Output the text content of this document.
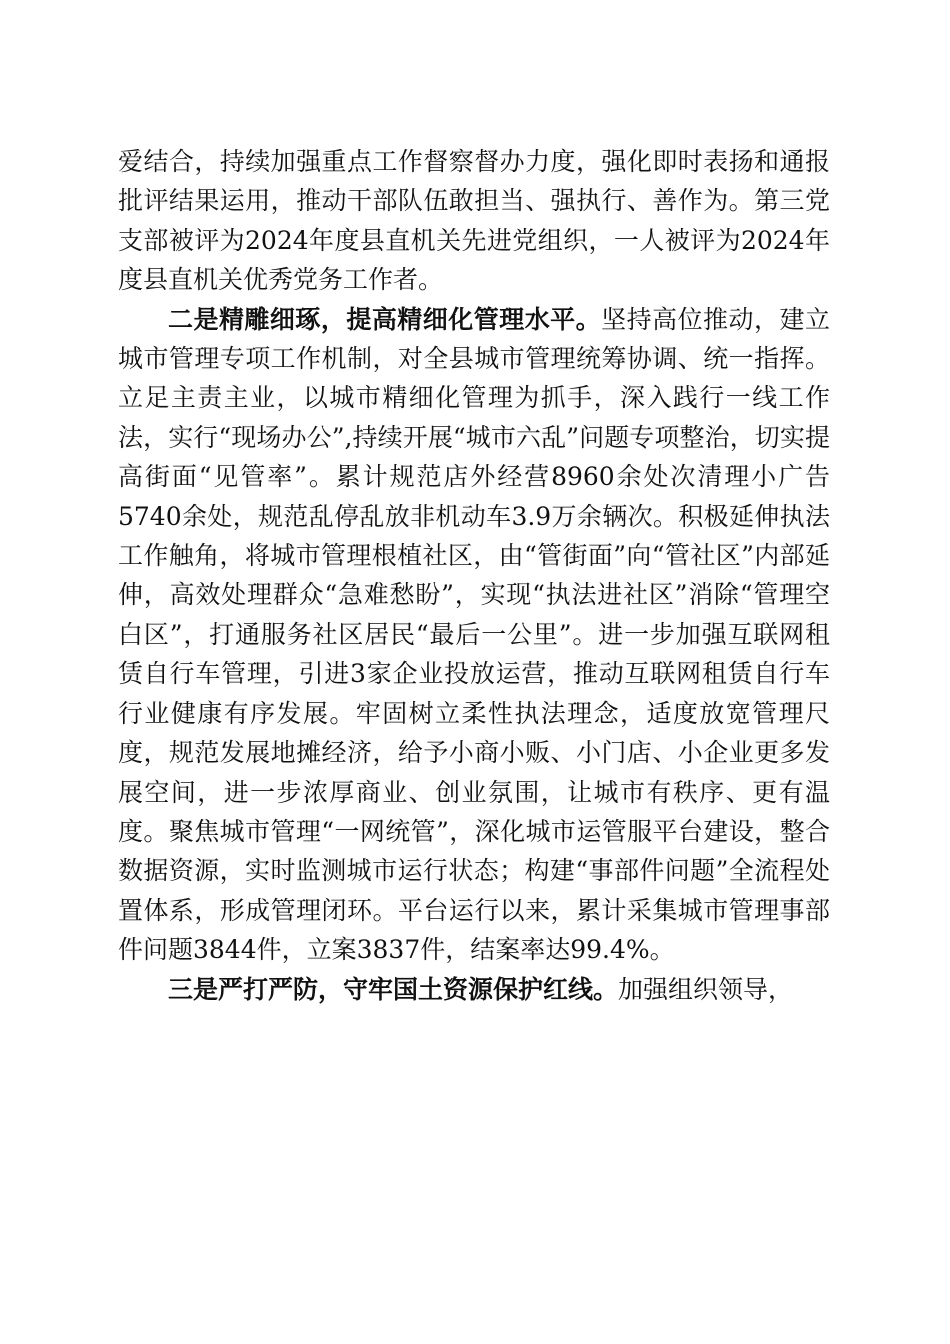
爱结合，持续加强重点工作督察督办力度，强化即时表扬和通报批评结果运用，推动干部队伍敢担当、强执行、善作为。第三党支部被评为2024年度县直机关先进党组织，一人被评为2024年度县直机关优秀党务工作者。

二是精雕细琢，提高精细化管理水平。坚持高位推动，建立城市管理专项工作机制，对全县城市管理统筹协调、统一指挥。立足主责主业，以城市精细化管理为抓手，深入践行一线工作法，实行“现场办公”,持续开展“城市六乱”问题专项整治，切实提高街面“见管率”。累计规范店外经营8960余处次清理小广告5740余处，规范乱停乱放非机动车3.9万余辆次。积极延伸执法工作触角，将城市管理根植社区，由“管街面”向“管社区”内部延伸，高效处理群众“急难愁盼”，实现“执法进社区”消除“管理空白区”，打通服务社区居民“最后一公里”。进一步加强互联网租赁自行车管理，引进3家企业投放运营，推动互联网租赁自行车行业健康有序发展。牢固树立柔性执法理念，适度放宽管理尺度，规范发展地摊经济，给予小商小贩、小门店、小企业更多发展空间，进一步浓厚商业、创业氛围，让城市有秩序、更有温度。聚焦城市管理“一网统管”，深化城市运管服平台建设，整合数据资源，实时监测城市运行状态；构建“事部件问题”全流程处置体系，形成管理闭环。平台运行以来，累计采集城市管理事部件问题3844件，立案3837件，结案率达99.4%。

三是严打严防，守牢国土资源保护红线。加强组织领导，
